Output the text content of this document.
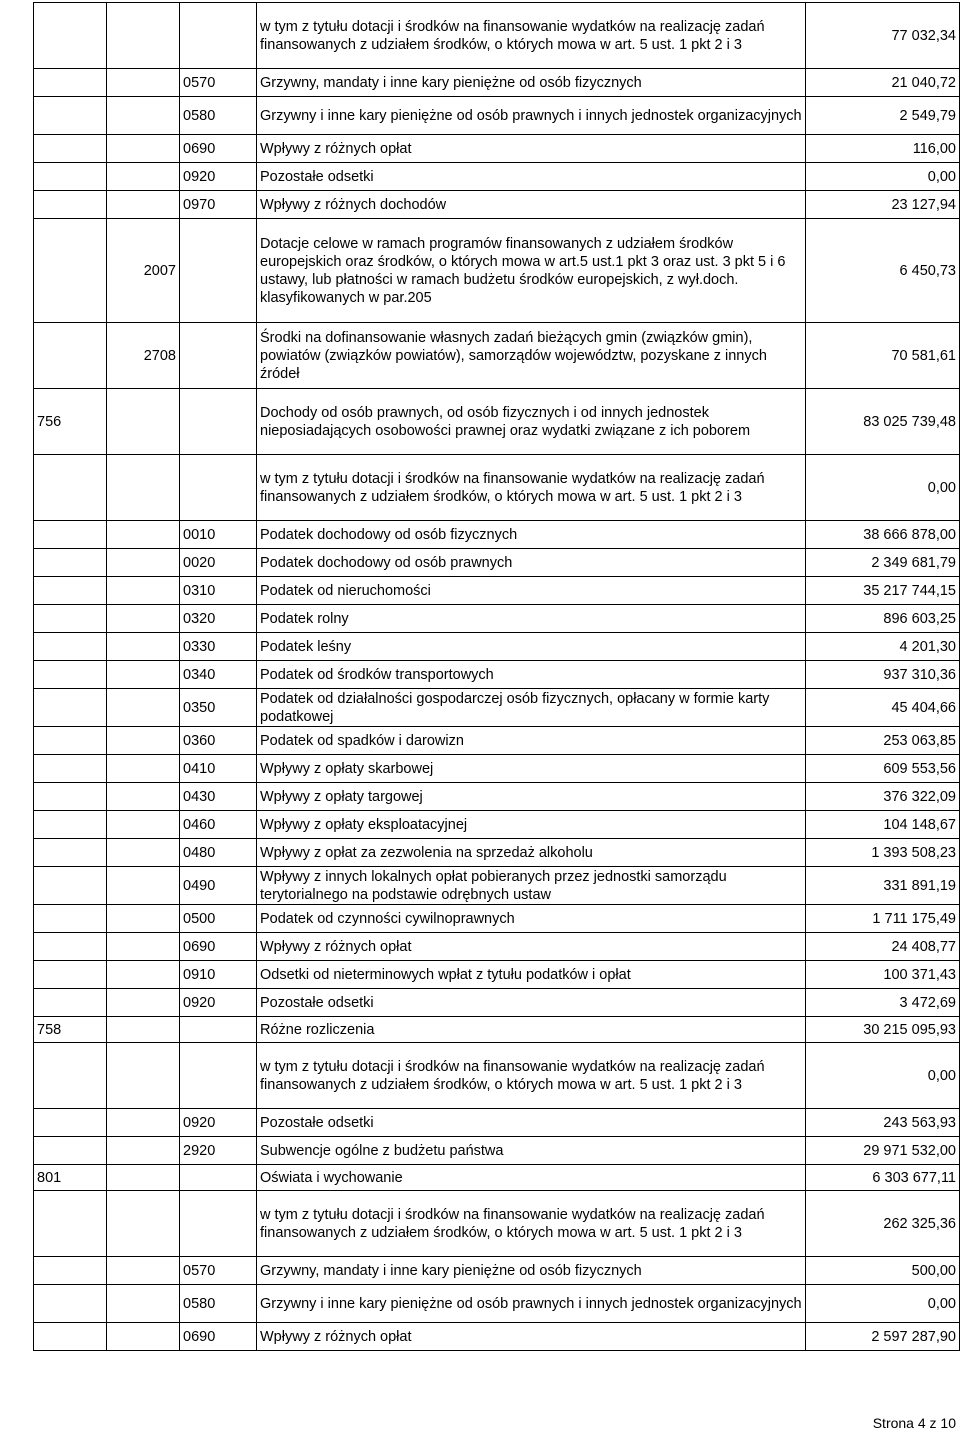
			w tym z tytułu dotacji i środków na finansowanie wydatków na realizację zadań finansowanych z udziałem środków, o których mowa w art. 5 ust. 1 pkt 2 i 3	77 032,34
		0570	Grzywny, mandaty i inne kary pieniężne od osób fizycznych	21 040,72
		0580	Grzywny i inne kary pieniężne od osób prawnych i innych jednostek organizacyjnych	2 549,79
		0690	Wpływy z różnych opłat	116,00
		0920	Pozostałe odsetki	0,00
		0970	Wpływy z różnych dochodów	23 127,94
	2007		Dotacje celowe w ramach programów finansowanych z udziałem środków europejskich oraz środków, o których mowa w art.5 ust.1 pkt 3 oraz ust. 3 pkt 5 i 6 ustawy, lub płatności w ramach budżetu środków europejskich, z wył.doch. klasyfikowanych w par.205	6 450,73
	2708		Środki na dofinansowanie własnych zadań bieżących gmin (związków gmin), powiatów (związków powiatów), samorządów województw, pozyskane z innych źródeł	70 581,61
756			Dochody od osób prawnych, od osób fizycznych i od innych jednostek nieposiadających osobowości prawnej oraz wydatki związane z ich poborem	83 025 739,48
			w tym z tytułu dotacji i środków na finansowanie wydatków na realizację zadań finansowanych z udziałem środków, o których mowa w art. 5 ust. 1 pkt 2 i 3	0,00
		0010	Podatek dochodowy od osób fizycznych	38 666 878,00
		0020	Podatek dochodowy od osób prawnych	2 349 681,79
		0310	Podatek od nieruchomości	35 217 744,15
		0320	Podatek rolny	896 603,25
		0330	Podatek leśny	4 201,30
		0340	Podatek od środków transportowych	937 310,36
		0350	Podatek od działalności gospodarczej osób fizycznych, opłacany w formie karty podatkowej	45 404,66
		0360	Podatek od spadków i darowizn	253 063,85
		0410	Wpływy z opłaty skarbowej	609 553,56
		0430	Wpływy z opłaty targowej	376 322,09
		0460	Wpływy z opłaty eksploatacyjnej	104 148,67
		0480	Wpływy z opłat za zezwolenia na sprzedaż alkoholu	1 393 508,23
		0490	Wpływy z innych lokalnych opłat pobieranych przez jednostki samorządu terytorialnego na podstawie odrębnych ustaw	331 891,19
		0500	Podatek od czynności cywilnoprawnych	1 711 175,49
		0690	Wpływy z różnych opłat	24 408,77
		0910	Odsetki od nieterminowych wpłat z tytułu podatków i opłat	100 371,43
		0920	Pozostałe odsetki	3 472,69
758			Różne rozliczenia	30 215 095,93
			w tym z tytułu dotacji i środków na finansowanie wydatków na realizację zadań finansowanych z udziałem środków, o których mowa w art. 5 ust. 1 pkt 2 i 3	0,00
		0920	Pozostałe odsetki	243 563,93
		2920	Subwencje ogólne z budżetu państwa	29 971 532,00
801			Oświata i wychowanie	6 303 677,11
			w tym z tytułu dotacji i środków na finansowanie wydatków na realizację zadań finansowanych z udziałem środków, o których mowa w art. 5 ust. 1 pkt 2 i 3	262 325,36
		0570	Grzywny, mandaty i inne kary pieniężne od osób fizycznych	500,00
		0580	Grzywny i inne kary pieniężne od osób prawnych i innych jednostek organizacyjnych	0,00
		0690	Wpływy z różnych opłat	2 597 287,90
Strona 4 z 10
